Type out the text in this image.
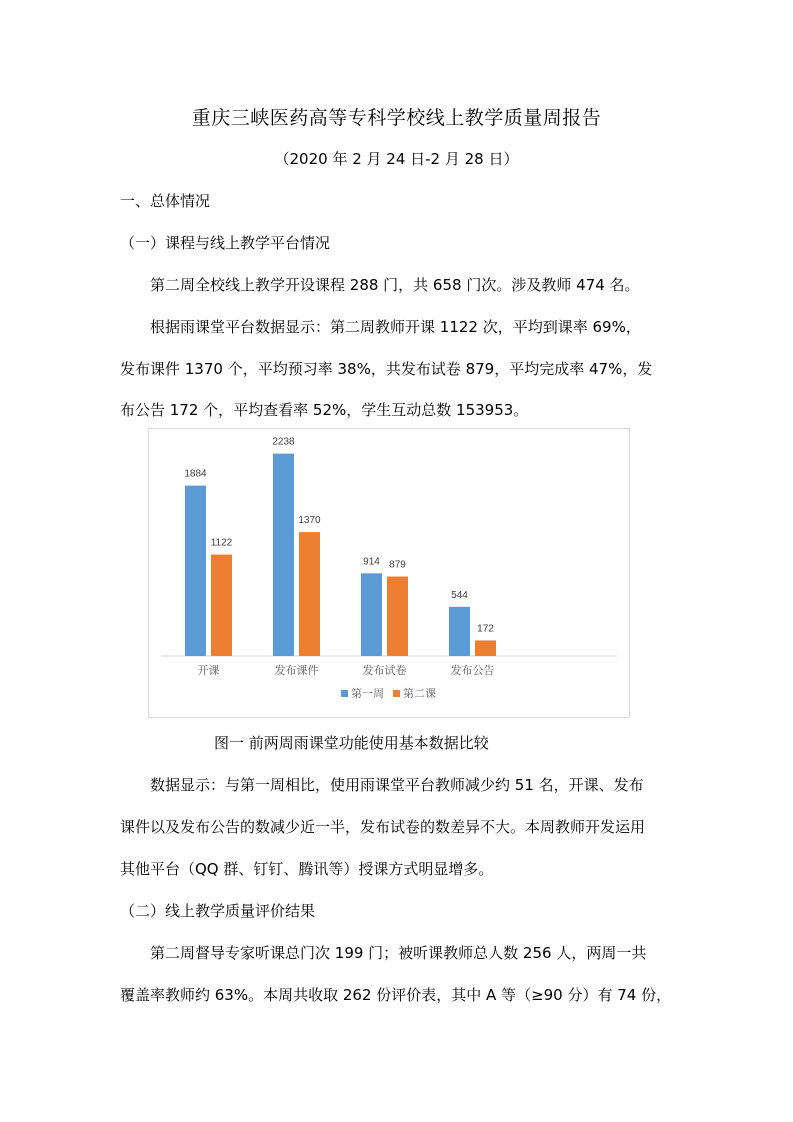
重庆三峡医药高等专科学校线上教学质量周报告
（2020 年 2 月 24 日-2 月 28 日）
一、总体情况
（一）课程与线上教学平台情况
第二周全校线上教学开设课程 288 门，共 658 门次。涉及教师 474 名。
根据雨课堂平台数据显示：第二周教师开课 1122 次，平均到课率 69%，
发布课件 1370 个，平均预习率 38%，共发布试卷 879，平均完成率 47%，发
布公告 172 个，平均查看率 52%，学生互动总数 153953。
1884
1122
开课
2238
1370
发布课件
914 879
发布试卷
544
172
发布公告
第一周 第二课
图一 前两周雨课堂功能使用基本数据比较
数据显示：与第一周相比，使用雨课堂平台教师减少约 51 名，开课、发布
课件以及发布公告的数减少近一半，发布试卷的数差异不大。本周教师开发运用
其他平台（QQ 群、钉钉、腾讯等）授课方式明显增多。
（二）线上教学质量评价结果
第二周督导专家听课总门次 199 门；被听课教师总人数 256 人，两周一共
覆盖率教师约 63%。本周共收取 262 份评价表，其中 A 等（≥90 分）有 74 份，
